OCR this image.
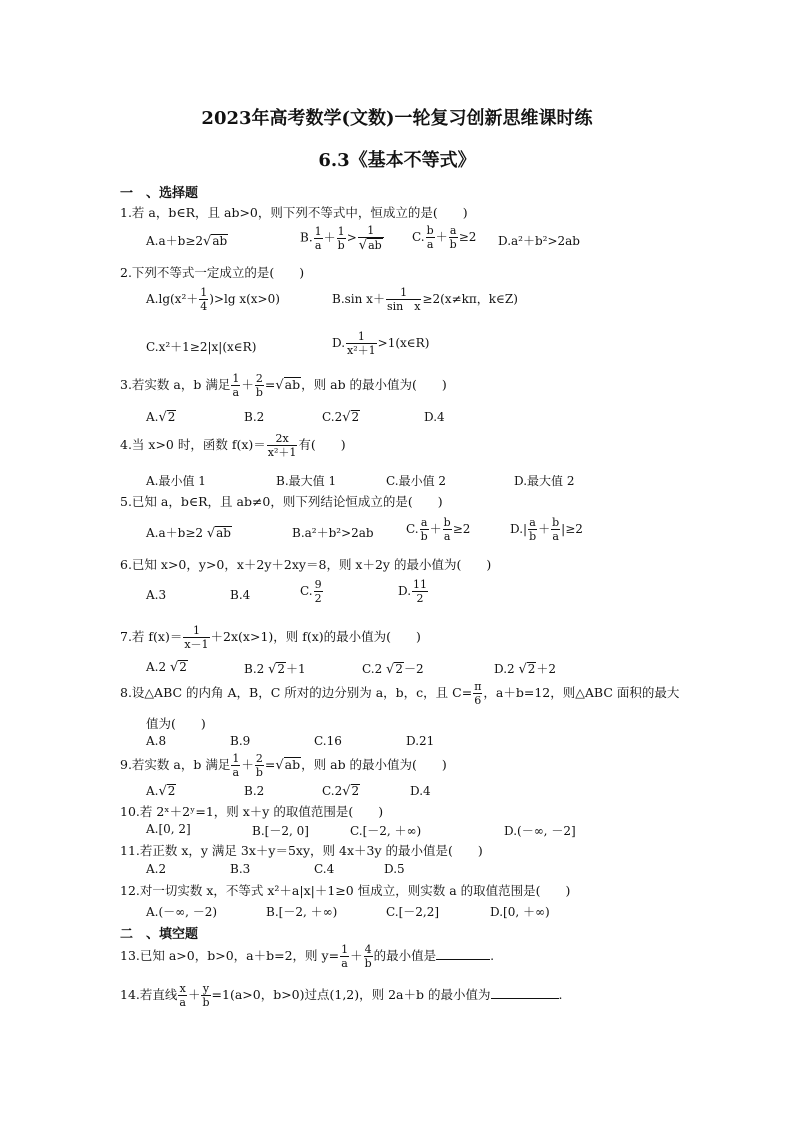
2023年高考数学(文数)一轮复习创新思维课时练
6.3《基本不等式》
一　、选择题
1.若 a，b∈R，且 ab>0，则下列不等式中，恒成立的是(　　)
A.a＋b≥2√ab	B. $\frac{1}{a} + \frac{1}{b} > \frac{1}{√ab} C$. $\frac{b}{a} + \frac{a}{b} \ge 2$ D.a²＋b²>2ab
2.下列不等式一定成立的是(　　)
$A.\lg(x^2+ \frac{1}{4} )>\lg$ x(x>0)	B.sin $x+ \frac{1}{\text{sin　x}} \ge 2(x\ne k\pi$，k∈Z)
C.x²＋1≥2|x|(x∈R)	D. $\frac{1}{\text{x²＋1}}$ >1(x∈R)
3.若实数 a，b 满足 $\frac{1}{a} + \frac{2}{b} =√ab$，则 ab 的最小值为(　　)
A.√2	B.2	C.2√2	D.4
4.当 x>0 时，函数 $f(x)= \frac{2x}{\text{x²＋1}}$ 有(　　)
A.最小值 1	B.最大值 1	C.最小值 2	D.最大值 2
5.已知 a，b∈R，且 ab≠0，则下列结论恒成立的是(　　)
A.a＋b≥2 √ab	B.a²＋b²>2ab	C. $\frac{a}{b} + \frac{b}{a} \ge 2$	$D.| \frac{a}{b} + \frac{b}{a} |\ge 2$
6.已知 x>0，y>0，x＋2y＋2xy＝8，则 x＋2y 的最小值为(　　)
A.3	B.4	C. $\frac{9}{2}$	D. $\frac{11}{2}$
7.若 $f(x)= \frac{1}{x-1} +2x(x>1)$，则 f(x)的最小值为(　　)
A.2 √2	B.2 √2＋1	C.2 √2－2	D.2 √2＋2
8.设△ABC 的内角 A，B，C 所对的边分别为 a，b，c，且 $C= \frac{\pi}{6}$ ，a＋b=12，则△ABC 面积的最大
值为(　　)
A.8	B.9	C.16	D.21
9.若实数 a，b 满足 $\frac{1}{a} + \frac{2}{b} =√ab$，则 ab 的最小值为(　　)
A.√2	B.2	C.2√2	D.4
10.若 2ˣ＋2ʸ=1，则 x＋y 的取值范围是(　　)
A.[0, 2]	B.[－2, 0]	C.[－2, ＋∞)	D.(－∞, －2]
11.若正数 x，y 满足 3x＋y＝5xy，则 4x＋3y 的最小值是(　　)
A.2	B.3	C.4	D.5
12.对一切实数 x，不等式 x²＋a|x|＋1≥0 恒成立，则实数 a 的取值范围是(　　)
A.(－∞, －2)	B.[－2, ＋∞)	C.[－2,2]	D.[0, ＋∞)
二　、填空题
13.已知 a>0，b>0，a＋b=2，则 $y= \frac{1}{a} + \frac{4}{b}$ 的最小值是	.
14.若直线 $\frac{x}{a} + \frac{y}{b} =1(a>0$，b>0)过点(1,2)，则 2a＋b 的最小值为	.
